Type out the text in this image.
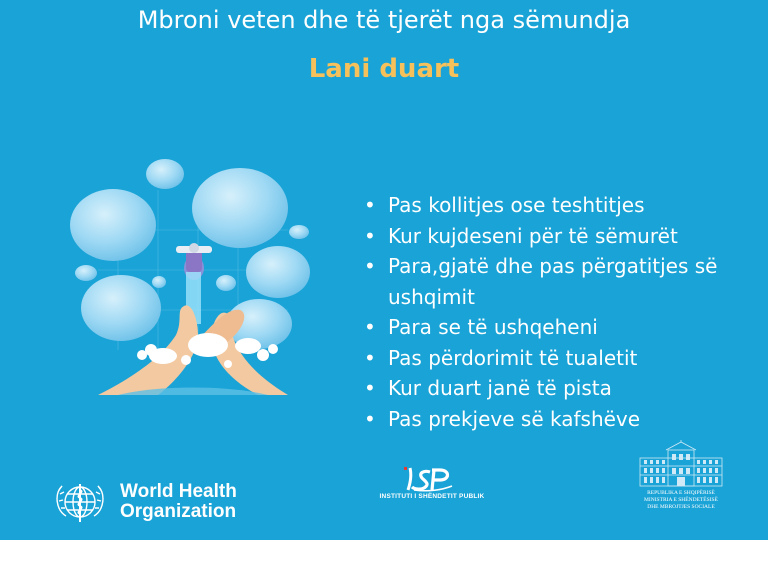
Mbroni veten dhe të tjerët nga sëmundja
Lani duart
• Pas kollitjes ose teshtitjes
• Kur kujdeseni për të sëmurët
• Para,gjatë dhe pas përgatitjes së ushqimit
• Para se të ushqeheni
• Pas përdorimit të tualetit
• Kur duart janë të pista
• Pas prekjeve së kafshëve
World Health
Organization
INSTITUTI I SHËNDETIT PUBLIK	REPUBLIKA E SHQIPËRISË
MINISTRIA E SHËNDETËSISË
DHE MBROJTJES SOCIALE
